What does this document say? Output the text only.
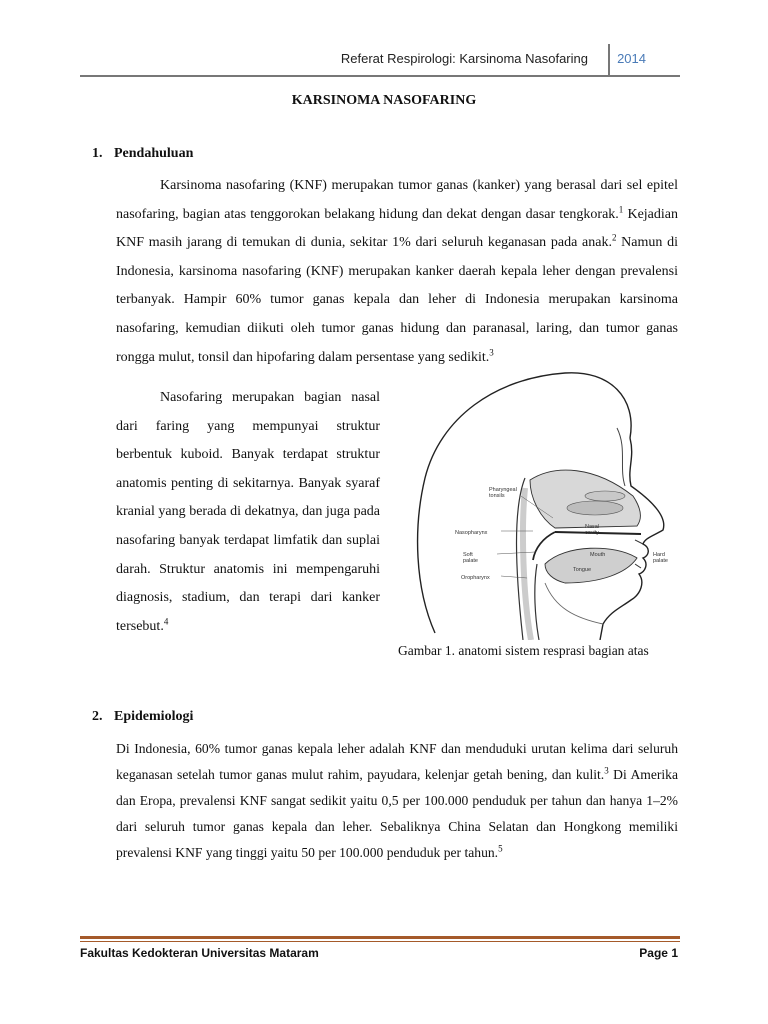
Referat Respirologi: Karsinoma Nasofaring 2014
KARSINOMA NASOFARING
1. Pendahuluan

Karsinoma nasofaring (KNF) merupakan tumor ganas (kanker) yang berasal dari sel epitel nasofaring, bagian atas tenggorokan belakang hidung dan dekat dengan dasar tengkorak.$^1$ Kejadian KNF masih jarang di temukan di dunia, sekitar 1% dari seluruh keganasan pada anak.$^2$ Namun di Indonesia, karsinoma nasofaring (KNF) merupakan kanker daerah kepala leher dengan prevalensi terbanyak. Hampir 60% tumor ganas kepala dan leher di Indonesia merupakan karsinoma nasofaring, kemudian diikuti oleh tumor ganas hidung dan paranasal, laring, dan tumor ganas rongga mulut, tonsil dan hipofaring dalam persentase yang sedikit.$^3$

Nasofaring merupakan bagian nasal dari faring yang mempunyai struktur berbentuk kuboid. Banyak terdapat struktur anatomis penting di sekitarnya. Banyak syaraf kranial yang berada di dekatnya, dan juga pada nasofaring banyak terdapat limfatik dan suplai darah. Struktur anatomis ini mempengaruhi diagnosis, stadium, dan terapi dari kanker tersebut.$^4$

Pharyngeal tonsils
Nasopharynx
Nasal cavity
Soft palate
Mouth	Hard palate
Tongue
Oropharynx
Gambar 1. anatomi sistem resprasi bagian atas
2. Epidemiologi

Di Indonesia, 60% tumor ganas kepala leher adalah KNF dan menduduki urutan kelima dari seluruh keganasan setelah tumor ganas mulut rahim, payudara, kelenjar getah bening, dan kulit.$^3$ Di Amerika dan Eropa, prevalensi KNF sangat sedikit yaitu 0,5 per 100.000 penduduk per tahun dan hanya 1–2% dari seluruh tumor ganas kepala dan leher. Sebaliknya China Selatan dan Hongkong memiliki prevalensi KNF yang tinggi yaitu 50 per 100.000 penduduk per tahun.$^5$

Fakultas Kedokteran Universitas Mataram	Page 1
